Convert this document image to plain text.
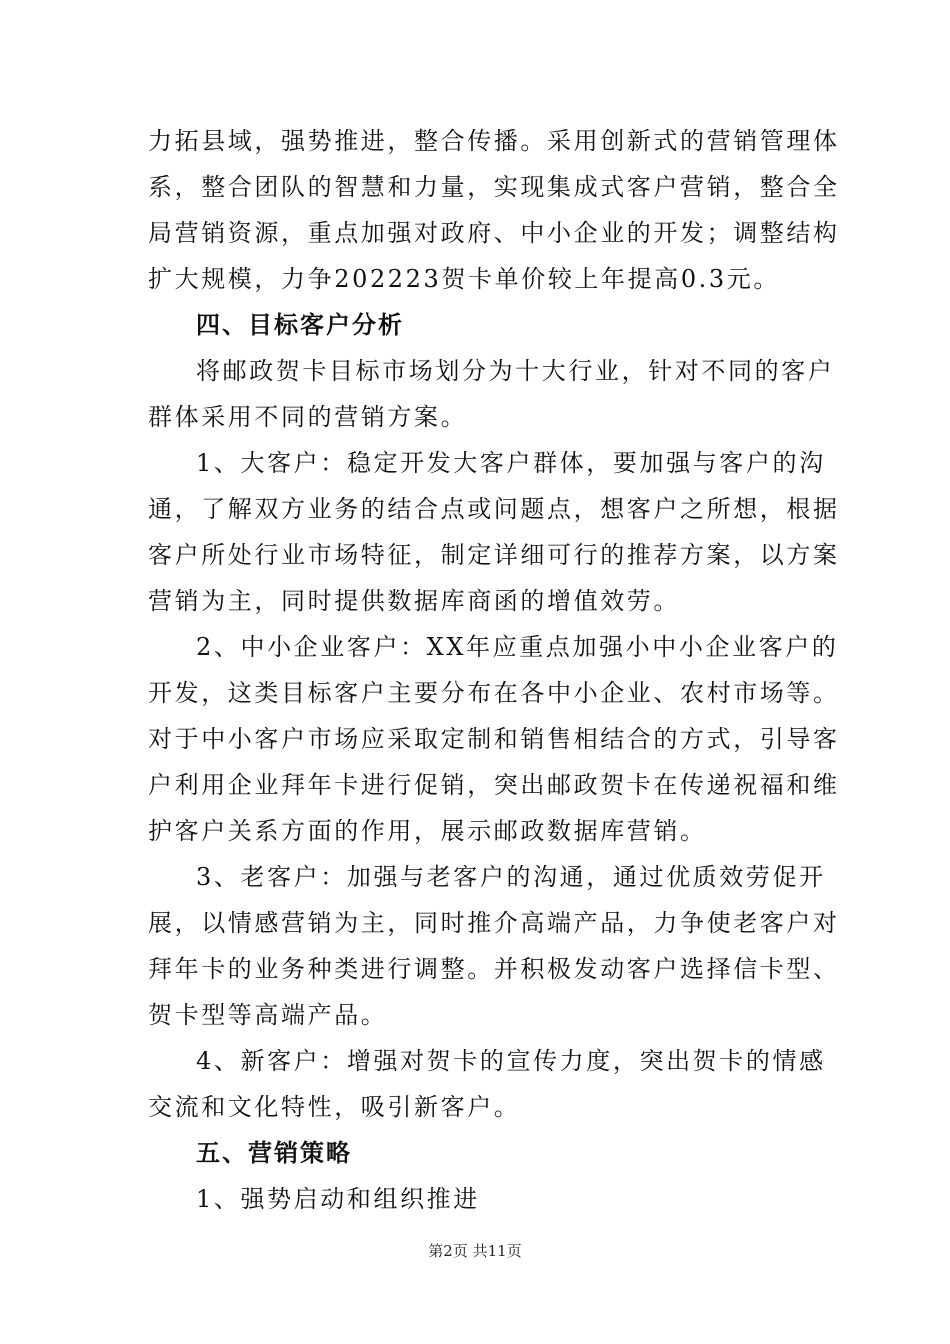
力拓县域，强势推进，整合传播。采用创新式的营销管理体
系，整合团队的智慧和力量，实现集成式客户营销，整合全
局营销资源，重点加强对政府、中小企业的开发；调整结构
扩大规模，力争202223贺卡单价较上年提高0.3元。
四、目标客户分析
将邮政贺卡目标市场划分为十大行业，针对不同的客户
群体采用不同的营销方案。
1、大客户：稳定开发大客户群体，要加强与客户的沟
通，了解双方业务的结合点或问题点，想客户之所想，根据
客户所处行业市场特征，制定详细可行的推荐方案，以方案
营销为主，同时提供数据库商函的增值效劳。
2、中小企业客户：XX年应重点加强小中小企业客户的
开发，这类目标客户主要分布在各中小企业、农村市场等。
对于中小客户市场应采取定制和销售相结合的方式，引导客
户利用企业拜年卡进行促销，突出邮政贺卡在传递祝福和维
护客户关系方面的作用，展示邮政数据库营销。
3、老客户：加强与老客户的沟通，通过优质效劳促开
展，以情感营销为主，同时推介高端产品，力争使老客户对
拜年卡的业务种类进行调整。并积极发动客户选择信卡型、
贺卡型等高端产品。
4、新客户：增强对贺卡的宣传力度，突出贺卡的情感
交流和文化特性，吸引新客户。
五、营销策略
1、强势启动和组织推进
第2页 共11页
